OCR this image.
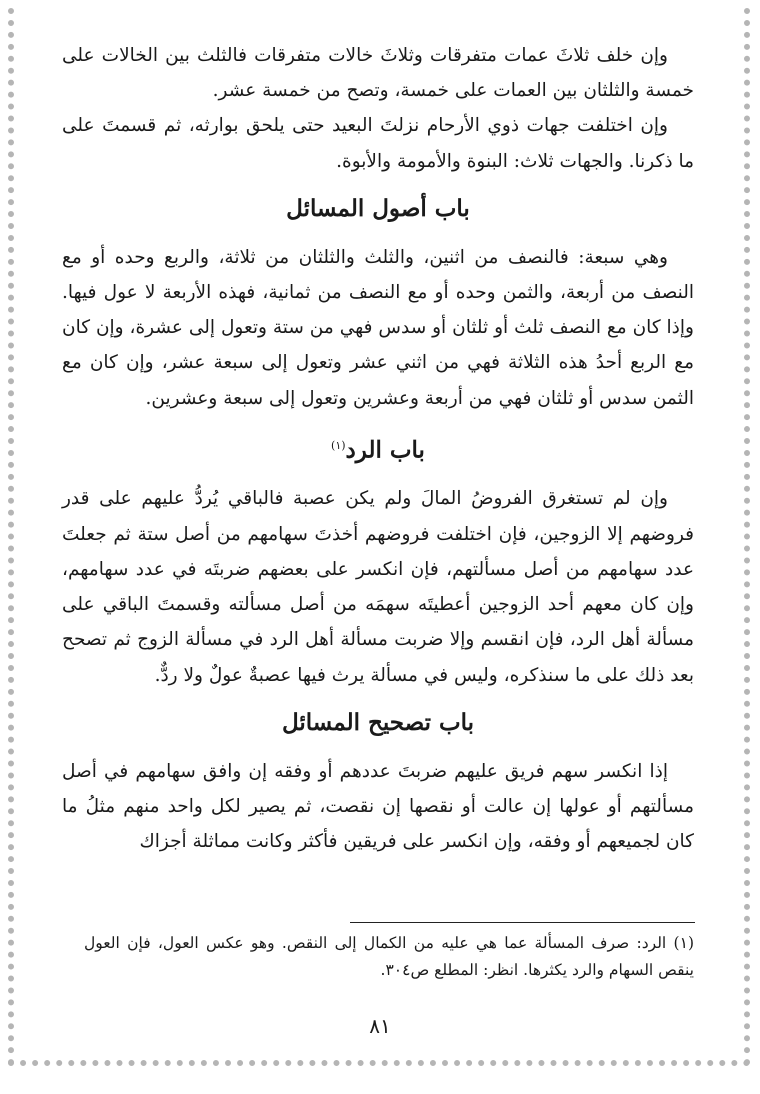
وإن خلف ثلاثَ عمات متفرقات وثلاثَ خالات متفرقات فالثلث بين الخالات على خمسة والثلثان بين العمات على خمسة، وتصح من خمسة عشر.

وإن اختلفت جهات ذوي الأرحام نزلتَ البعيد حتى يلحق بوارثه، ثم قسمتَ على ما ذكرنا. والجهات ثلاث: البنوة والأمومة والأبوة.

باب أصول المسائل

وهي سبعة: فالنصف من اثنين، والثلث والثلثان من ثلاثة، والربع وحده أو مع النصف من أربعة، والثمن وحده أو مع النصف من ثمانية، فهذه الأربعة لا عول فيها. وإذا كان مع النصف ثلث أو ثلثان أو سدس فهي من ستة وتعول إلى عشرة، وإن كان مع الربع أحدُ هذه الثلاثة فهي من اثني عشر وتعول إلى سبعة عشر، وإن كان مع الثمن سدس أو ثلثان فهي من أربعة وعشرين وتعول إلى سبعة وعشرين.

باب الرد$^{(١)}$

وإن لم تستغرق الفروضُ المالَ ولم يكن عصبة فالباقي يُردُّ عليهم على قدر فروضهم إلا الزوجين، فإن اختلفت فروضهم أخذتَ سهامهم من أصل ستة ثم جعلتَ عدد سهامهم من أصل مسألتهم، فإن انكسر على بعضهم ضربتَه في عدد سهامهم، وإن كان معهم أحد الزوجين أعطيتَه سهمَه من أصل مسألته وقسمتَ الباقي على مسألة أهل الرد، فإن انقسم وإلا ضربت مسألة أهل الرد في مسألة الزوج ثم تصحح بعد ذلك على ما سنذكره، وليس في مسألة يرث فيها عصبةٌ عولٌ ولا ردٌّ.

باب تصحيح المسائل

إذا انكسر سهم فريق عليهم ضربتَ عددهم أو وفقه إن وافق سهامهم في أصل مسألتهم أو عولها إن عالت أو نقصها إن نقصت، ثم يصير لكل واحد منهم مثلُ ما كان لجميعهم أو وفقه، وإن انكسر على فريقين فأكثر وكانت مماثلة أجزاك

(١) الرد: صرف المسألة عما هي عليه من الكمال إلى النقص. وهو عكس العول، فإن العول ينقص السهام والرد يكثرها. انظر: المطلع ص٣٠٤.
٨١
